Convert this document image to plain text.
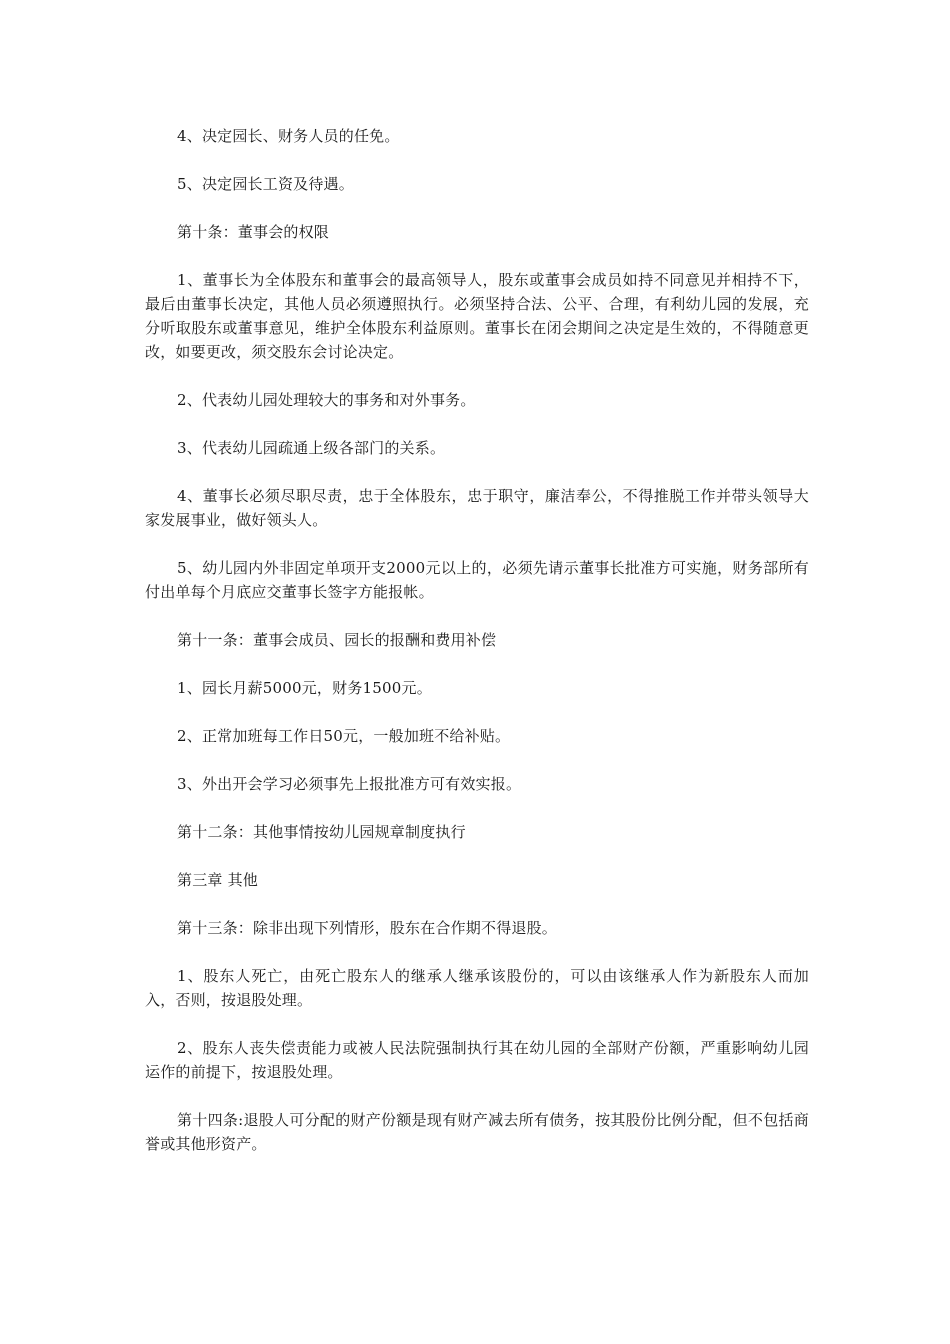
4、决定园长、财务人员的任免。

5、决定园长工资及待遇。

第十条：董事会的权限

1、董事长为全体股东和董事会的最高领导人，股东或董事会成员如持不同意见并相持不下，最后由董事长决定，其他人员必须遵照执行。必须坚持合法、公平、合理，有利幼儿园的发展，充分听取股东或董事意见，维护全体股东利益原则。董事长在闭会期间之决定是生效的，不得随意更改，如要更改，须交股东会讨论决定。

2、代表幼儿园处理较大的事务和对外事务。

3、代表幼儿园疏通上级各部门的关系。

4、董事长必须尽职尽责，忠于全体股东，忠于职守，廉洁奉公，不得推脱工作并带头领导大家发展事业，做好领头人。

5、幼儿园内外非固定单项开支2000元以上的，必须先请示董事长批准方可实施，财务部所有付出单每个月底应交董事长签字方能报帐。

第十一条：董事会成员、园长的报酬和费用补偿

1、园长月薪5000元，财务1500元。

2、正常加班每工作日50元，一般加班不给补贴。

3、外出开会学习必须事先上报批准方可有效实报。

第十二条：其他事情按幼儿园规章制度执行

第三章 其他

第十三条：除非出现下列情形，股东在合作期不得退股。

1、股东人死亡，由死亡股东人的继承人继承该股份的，可以由该继承人作为新股东人而加入，否则，按退股处理。

2、股东人丧失偿责能力或被人民法院强制执行其在幼儿园的全部财产份额，严重影响幼儿园运作的前提下，按退股处理。

第十四条:退股人可分配的财产份额是现有财产减去所有债务，按其股份比例分配，但不包括商誉或其他形资产。
